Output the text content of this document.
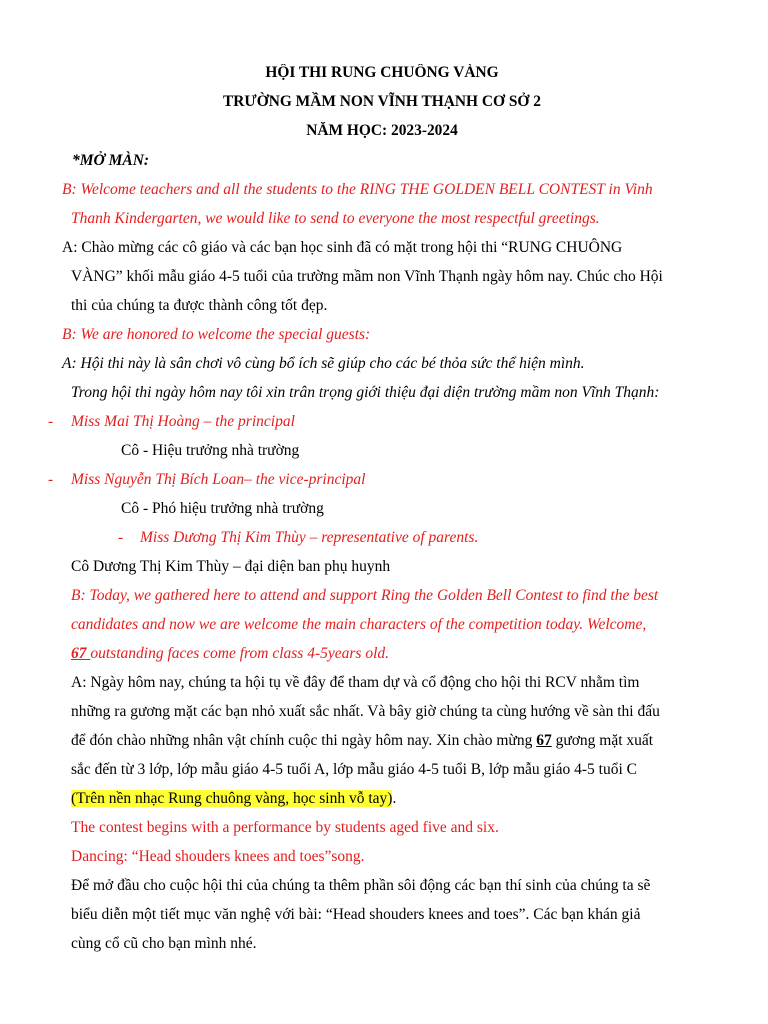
HỘI THI RUNG CHUÔNG VÀNG
TRƯỜNG MẦM NON VĨNH THẠNH CƠ SỞ 2
NĂM HỌC: 2023-2024
*MỞ MÀN:
B: Welcome teachers and all the students to the RING THE GOLDEN BELL CONTEST in Vinh
Thanh Kindergarten, we would like to send to everyone the most respectful greetings.
A: Chào mừng các cô giáo và các bạn học sinh đã có mặt trong hội thi “RUNG CHUÔNG
VÀNG” khối mẫu giáo 4-5 tuổi của trường mầm non Vĩnh Thạnh ngày hôm nay. Chúc cho Hội
thi của chúng ta được thành công tốt đẹp.
B: We are honored to welcome the special guests:
A: Hội thi này là sân chơi vô cùng bổ ích sẽ giúp cho các bé thỏa sức thể hiện mình.
Trong hội thi ngày hôm nay tôi xin trân trọng giới thiệu đại diện trường mầm non Vĩnh Thạnh:
- Miss Mai Thị Hoàng – the principal
Cô - Hiệu trưởng nhà trường
- Miss Nguyễn Thị Bích Loan– the vice-principal
Cô - Phó hiệu trưởng nhà trường
- Miss Dương Thị Kim Thùy – representative of parents.
Cô Dương Thị Kim Thùy – đại diện ban phụ huynh
B: Today, we gathered here to attend and support Ring the Golden Bell Contest to find the best
candidates and now we are welcome the main characters of the competition today. Welcome,
67 outstanding faces come from class 4-5years old.
A: Ngày hôm nay, chúng ta hội tụ về đây để tham dự và cổ động cho hội thi RCV nhằm tìm
những ra gương mặt các bạn nhỏ xuất sắc nhất. Và bây giờ chúng ta cùng hướng về sàn thi đấu
để đón chào những nhân vật chính cuộc thi ngày hôm nay. Xin chào mừng 67 gương mặt xuất
sắc đến từ 3 lớp, lớp mẫu giáo 4-5 tuổi A, lớp mẫu giáo 4-5 tuổi B, lớp mẫu giáo 4-5 tuổi C
(Trên nền nhạc Rung chuông vàng, học sinh vỗ tay).
The contest begins with a performance by students aged five and six.
Dancing: “Head shouders knees and toes”song.
Để mở đầu cho cuộc hội thi của chúng ta thêm phần sôi động các bạn thí sinh của chúng ta sẽ
biểu diễn một tiết mục văn nghệ với bài: “Head shouders knees and toes”. Các bạn khán giả
cùng cổ cũ cho bạn mình nhé.
